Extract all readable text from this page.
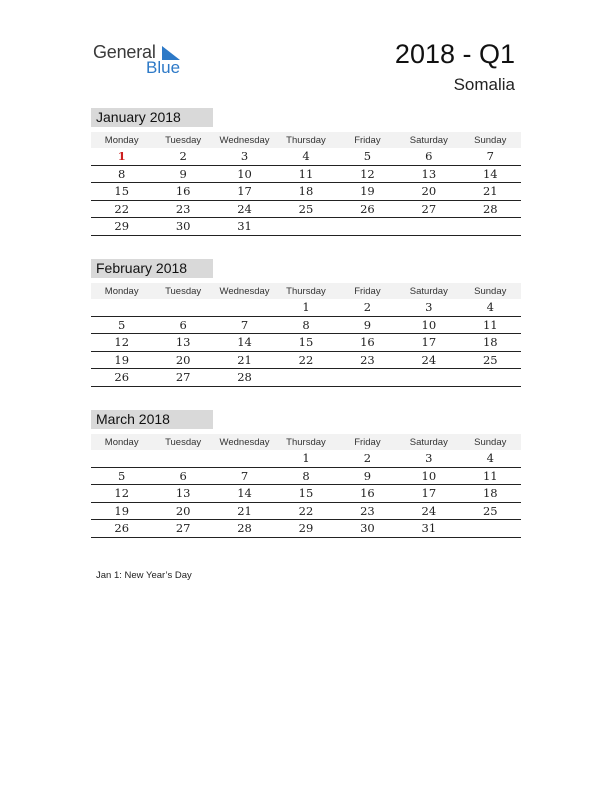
General
Blue	2018 - Q1
Somalia
January 2018
Monday	Tuesday	Wednesday	Thursday	Friday	Saturday	Sunday
1	2	3	4	5	6	7
8	9	10	11	12	13	14
15	16	17	18	19	20	21
22	23	24	25	26	27	28
29	30	31				
February 2018
Monday	Tuesday	Wednesday	Thursday	Friday	Saturday	Sunday
			1	2	3	4
5	6	7	8	9	10	11
12	13	14	15	16	17	18
19	20	21	22	23	24	25
26	27	28				
March 2018
Monday	Tuesday	Wednesday	Thursday	Friday	Saturday	Sunday
			1	2	3	4
5	6	7	8	9	10	11
12	13	14	15	16	17	18
19	20	21	22	23	24	25
26	27	28	29	30	31	
Jan 1: New Year’s Day
